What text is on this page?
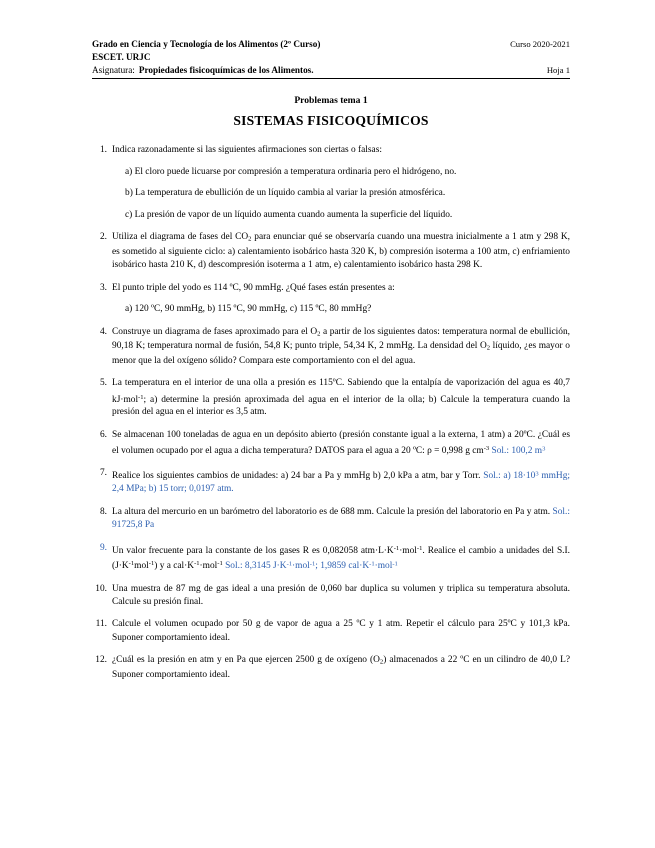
Grado en Ciencia y Tecnología de los Alimentos (2º Curso)	Curso 2020-2021
ESCET. URJC
Asignatura: Propiedades fisicoquímicas de los Alimentos.	Hoja 1
Problemas tema 1
SISTEMAS FISICOQUÍMICOS
1. Indica razonadamente si las siguientes afirmaciones son ciertas o falsas:

a) El cloro puede licuarse por compresión a temperatura ordinaria pero el hidrógeno, no.

b) La temperatura de ebullición de un líquido cambia al variar la presión atmosférica.

c) La presión de vapor de un líquido aumenta cuando aumenta la superficie del líquido.

2. Utiliza el diagrama de fases del $CO_2$ para enunciar qué se observaría cuando una muestra inicialmente a 1 atm y 298 K, es sometido al siguiente ciclo: a) calentamiento isobárico hasta 320 K, b) compresión isoterma a 100 atm, c) enfriamiento isobárico hasta 210 K, d) descompresión isoterma a 1 atm, e) calentamiento isobárico hasta 298 K.

3. El punto triple del yodo es 114 ºC, 90 mmHg. ¿Qué fases están presentes a:

a) 120 ºC, 90 mmHg, b) 115 ºC, 90 mmHg, c) 115 ºC, 80 mmHg?

4. Construye un diagrama de fases aproximado para el $O_2$ a partir de los siguientes datos: temperatura normal de ebullición, 90,18 K; temperatura normal de fusión, 54,8 K; punto triple, 54,34 K, 2 mmHg. La densidad del $O_2$ líquido, ¿es mayor o menor que la del oxígeno sólido? Compara este comportamiento con el del agua.

5. La temperatura en el interior de una olla a presión es 115ºC. Sabiendo que la entalpía de vaporización del agua es 40,7 kJ·mol$^{-1}$; a) determine la presión aproximada del agua en el interior de la olla; b) Calcule la temperatura cuando la presión del agua en el interior es 3,5 atm.

6. Se almacenan 100 toneladas de agua en un depósito abierto (presión constante igual a la externa, 1 atm) a 20ºC. ¿Cuál es el volumen ocupado por el agua a dicha temperatura? DATOS para el agua a 20 ºC: ρ = 0,998 g $cm^{-3}$ Sol.: 100,2 $m^3$

7. Realice los siguientes cambios de unidades: a) 24 bar a Pa y mmHg b) 2,0 kPa a atm, bar y Torr. Sol.: a) $18\cdot 10^3$ mmHg; 2,4 MPa; b) 15 torr; 0,0197 atm.

8. La altura del mercurio en un barómetro del laboratorio es de 688 mm. Calcule la presión del laboratorio en Pa y atm. Sol.: 91725,8 Pa

9. Un valor frecuente para la constante de los gases R es 0,082058 $atm\cdot L\cdot K^{-1}\cdot mol^{-1}$. Realice el cambio a unidades del S.I. $(J\cdot K^{-1}mol^{-1})$ y a $cal\cdot K^{-1}\cdot mol^{-1}$ Sol.: 8,3145 $J\cdot K^{-1}\cdot mol^{-1}$; 1,9859 $cal\cdot K^{-1}\cdot mol^{-1}$

10. Una muestra de 87 mg de gas ideal a una presión de 0,060 bar duplica su volumen y triplica su temperatura absoluta. Calcule su presión final.

11. Calcule el volumen ocupado por 50 g de vapor de agua a 25 ºC y 1 atm. Repetir el cálculo para 25ºC y 101,3 kPa. Suponer comportamiento ideal.

12. ¿Cuál es la presión en atm y en Pa que ejercen 2500 g de oxígeno $(O_2)$ almacenados a 22 ºC en un cilindro de 40,0 L? Suponer comportamiento ideal.
